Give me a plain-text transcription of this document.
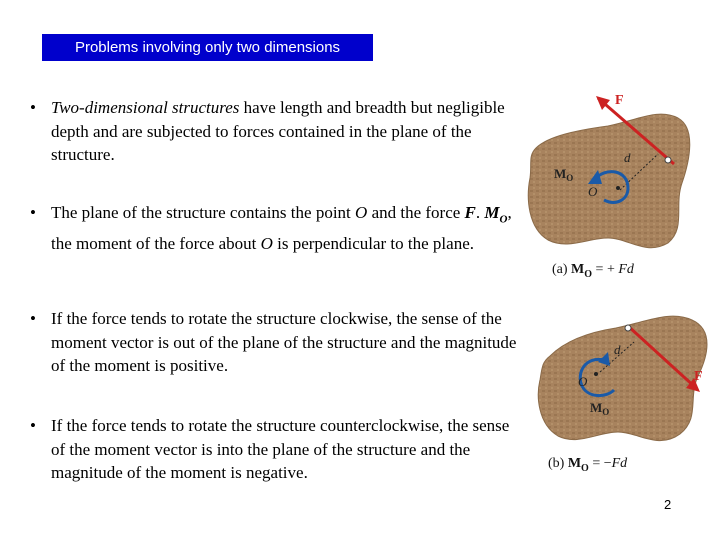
Problems involving only two dimensions
• Two-dimensional structures have length and breadth but negligible depth and are subjected to forces contained in the plane of the structure.
• The plane of the structure contains the point O and the force F. $M_O$, the moment of the force about O is perpendicular to the plane.
• If the force tends to rotate the structure clockwise, the sense of the moment vector is out of the plane of the structure and the magnitude of the moment is positive.
• If the force tends to rotate the structure counterclockwise, the sense of the moment vector is into the plane of the structure and the magnitude of the moment is negative.
F
d
$M_O$
O
(a) $M_O$ = + Fd
F
d
O
$M_O$
(b) $M_O = -Fd$
2
